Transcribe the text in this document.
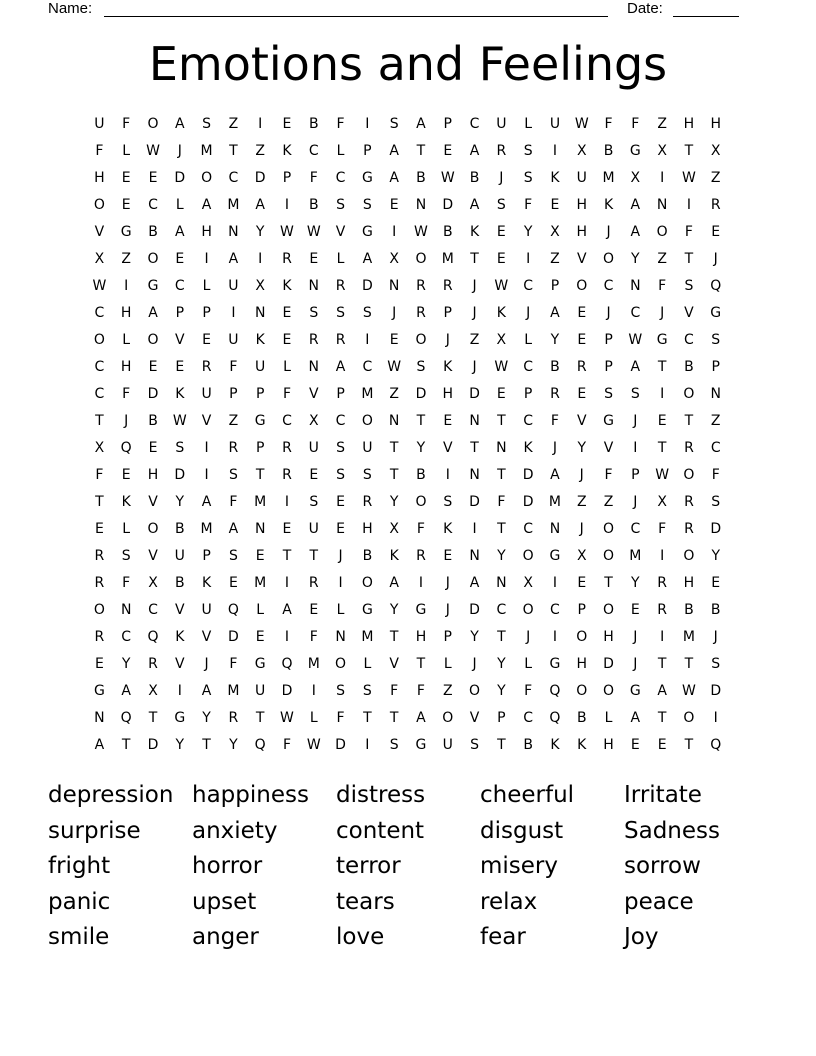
Name:	Date:
Emotions and Feelings
U	F	O	A	S	Z	I	E	B	F	I	S	A	P	C	U	L	U	W	F	F	Z	H	H
F	L	W	J	M	T	Z	K	C	L	P	A	T	E	A	R	S	I	X	B	G	X	T	X
H	E	E	D	O	C	D	P	F	C	G	A	B	W	B	J	S	K	U	M	X	I	W	Z
O	E	C	L	A	M	A	I	B	S	S	E	N	D	A	S	F	E	H	K	A	N	I	R
V	G	B	A	H	N	Y	W W	V	G	I	W	B	K	E	Y	X	H	J	A	O	F	E
X	Z	O	E	I	A	I	R	E	L	A	X	O	M	T	E	I	Z	V	O	Y	Z	T	J
W	I	G	C	L	U	X	K	N	R	D	N	R	R	J	W	C	P	O	C	N	F	S	Q
C	H	A	P	P	I	N	E	S	S	S	J	R	P	J	K	J	A	E	J	C	J	V	G
O	L	O	V	E	U	K	E	R	R	I	E	O	J	Z	X	L	Y	E	P	W	G	C	S
C	H	E	E	R	F	U	L	N	A	C	W	S	K	J	W	C	B	R	P	A	T	B	P
C	F	D	K	U	P	P	F	V	P	M	Z	D	H	D	E	P	R	E	S	S	I	O	N
T	J	B	W	V	Z	G	C	X	C	O	N	T	E	N	T	C	F	V	G	J	E	T	Z
X	Q	E	S	I	R	P	R	U	S	U	T	Y	V	T	N	K	J	Y	V	I	T	R	C
F	E	H	D	I	S	T	R	E	S	S	T	B	I	N	T	D	A	J	F	P	W	O	F
T	K	V	Y	A	F	M	I	S	E	R	Y	O	S	D	F	D	M	Z	Z	J	X	R	S
E	L	O	B	M	A	N	E	U	E	H	X	F	K	I	T	C	N	J	O	C	F	R	D
R	S	V	U	P	S	E	T	T	J	B	K	R	E	N	Y	O	G	X	O	M	I	O	Y
R	F	X	B	K	E	M	I	R	I	O	A	I	J	A	N	X	I	E	T	Y	R	H	E
O	N	C	V	U	Q	L	A	E	L	G	Y	G	J	D	C	O	C	P	O	E	R	B	B
R	C	Q	K	V	D	E	I	F	N	M	T	H	P	Y	T	J	I	O	H	J	I	M	J
E	Y	R	V	J	F	G	Q	M	O	L	V	T	L	J	Y	L	G	H	D	J	T	T	S
G	A	X	I	A	M	U	D	I	S	S	F	F	Z	O	Y	F	Q	O	O	G	A	W	D
N	Q	T	G	Y	R	T	W	L	F	T	T	A	O	V	P	C	Q	B	L	A	T	O	I
A	T	D	Y	T	Y	Q	F	W	D	I	S	G	U	S	T	B	K	K	H	E	E	T	Q
depression happiness	distress	cheerful	Irritate
surprise	anxiety	content	disgust	Sadness
fright	horror	terror	misery	sorrow
panic	upset	tears	relax	peace
smile	anger	love	fear	Joy
